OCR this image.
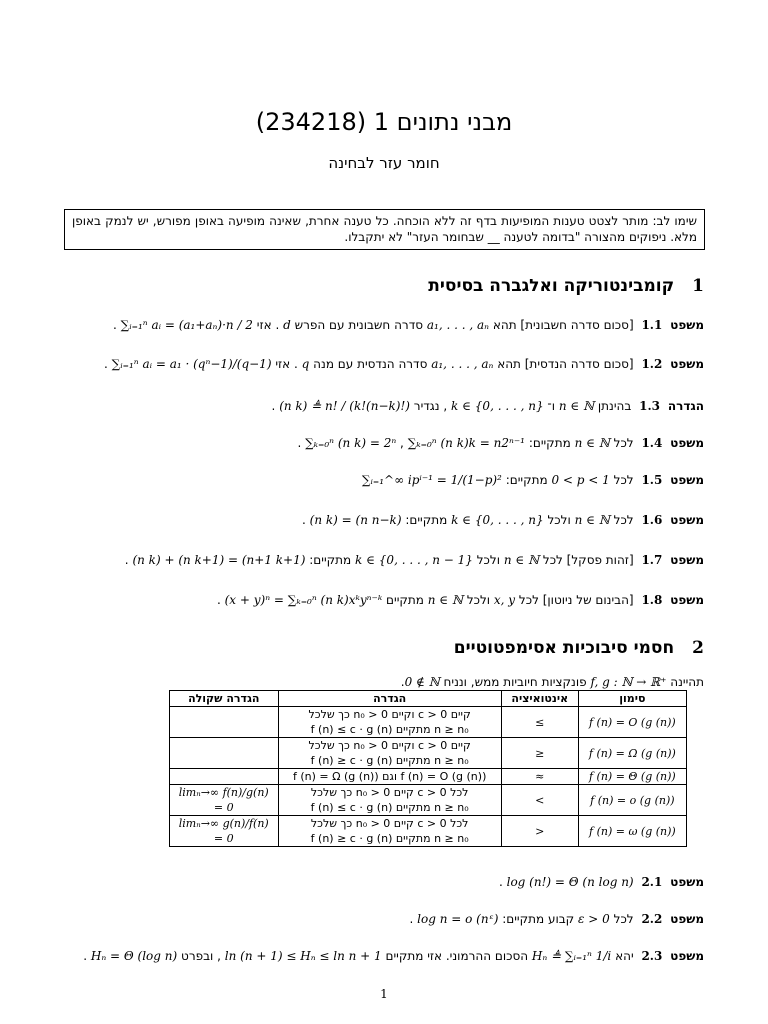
מבני נתונים 1 (234218)
חומר עזר לבחינה
שימו לב: מותר לצטט טענות המופיעות בדף זה ללא הוכחה. כל טענה אחרת, שאינה מופיעה באופן מפורש, יש לנמק באופן מלא. ניפוקים מהצורה "בדומה לטענה __ שבחומר העזר" לא יתקבלו.
1
קומבינטוריקה ואלגברה בסיסית
משפט 1.1 [סכום סדרה חשבונית] תהא a₁, . . . , aₙ סדרה חשבונית עם הפרש d . אזי ∑ᵢ₌₁ⁿ aᵢ = (a₁+aₙ)·n / 2 .
משפט 1.2 [סכום סדרה הנדסית] תהא a₁, . . . , aₙ סדרה הנדסית עם מנה q . אזי ∑ᵢ₌₁ⁿ aᵢ = a₁ · (qⁿ−1)/(q−1) .
הגדרה 1.3 בהינתן n ∈ ℕ ו־ k ∈ {0, . . . , n} , נגדיר (n k) ≜ n! / (k!(n−k)!) .
משפט 1.4 לכל n ∈ ℕ מתקיים: ∑ₖ₌₀ⁿ (n k) = 2ⁿ , ∑ₖ₌₀ⁿ (n k)k = n2ⁿ⁻¹ .
משפט 1.5 לכל 0 < p < 1 מתקיים: ∑ᵢ₌₁^∞ ipⁱ⁻¹ = 1/(1−p)²
משפט 1.6 לכל n ∈ ℕ ולכל k ∈ {0, . . . , n} מתקיים: (n k) = (n n−k) .
משפט 1.7 [זהות פסקל] לכל n ∈ ℕ ולכל k ∈ {0, . . . , n − 1} מתקיים: (n k) + (n k+1) = (n+1 k+1) .
משפט 1.8 [הבינום של ניוטון] לכל x, y ולכל n ∈ ℕ מתקיים (x + y)ⁿ = ∑ₖ₌₀ⁿ (n k)xᵏyⁿ⁻ᵏ .
2
חסמי סיבוכיות אסימפטוטיים
תהיינה f, g : ℕ → ℝ⁺ פונקציות חיוביות ממש, ונניח 0 ∉ ℕ.
סימון	אינטואיציה	הגדרה	הגדרה שקולה
f (n) = O (g (n))	≤	קיים c > 0 וקיים n₀ > 0 כך שלכל
n ≥ n₀ מתקיים f (n) ≤ c · g (n)	

f (n) = Ω (g (n))	≥	קיים c > 0 וקיים n₀ > 0 כך שלכל
n ≥ n₀ מתקיים f (n) ≥ c · g (n)	

f (n) = Θ (g (n))	≈	f (n) = O (g (n)) וגם f (n) = Ω (g (n))	

f (n) = o (g (n))	<	לכל c > 0 קיים n₀ > 0 כך שלכל
n ≥ n₀ מתקיים f (n) ≤ c · g (n)	limₙ→∞ f(n)/g(n) = 0
f (n) = ω (g (n))	>	לכל c > 0 קיים n₀ > 0 כך שלכל
n ≥ n₀ מתקיים f (n) ≥ c · g (n)	limₙ→∞ g(n)/f(n) = 0
משפט 2.1 log (n!) = Θ (n log n) .
משפט 2.2 לכל ε > 0 קבוע מתקיים: log n = o (nᵋ) .
משפט 2.3 יהא Hₙ ≜ ∑ᵢ₌₁ⁿ 1/i הסכום ההרמוני. אזי מתקיים ln (n + 1) ≤ Hₙ ≤ ln n + 1 , ובפרט Hₙ = Θ (log n) .
1
